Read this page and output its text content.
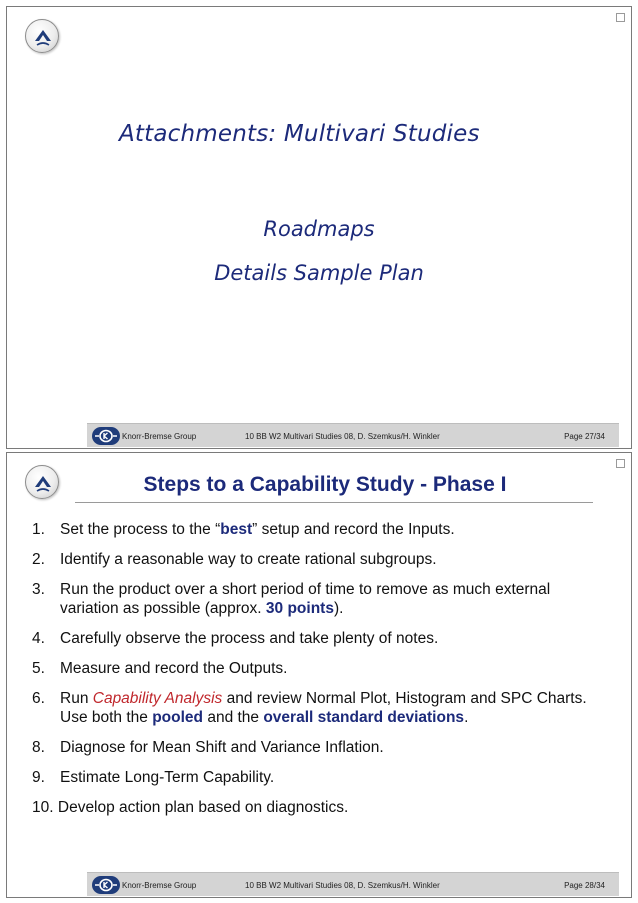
Attachments: Multivari Studies
Roadmaps
Details Sample Plan
Knorr-Bremse Group	10 BB W2 Multivari Studies 08, D. Szemkus/H. Winkler	Page 27/34
Steps to a Capability Study - Phase I
1. Set the process to the “best” setup and record the Inputs.
2. Identify a reasonable way to create rational subgroups.
3. Run the product over a short period of time to remove as much external variation as possible (approx. 30 points).
4. Carefully observe the process and take plenty of notes.
5. Measure and record the Outputs.
6. Run Capability Analysis and review Normal Plot, Histogram and SPC Charts. Use both the pooled and the overall standard deviations.
8. Diagnose for Mean Shift and Variance Inflation.
9. Estimate Long-Term Capability.
10. Develop action plan based on diagnostics.
Knorr-Bremse Group	10 BB W2 Multivari Studies 08, D. Szemkus/H. Winkler	Page 28/34
